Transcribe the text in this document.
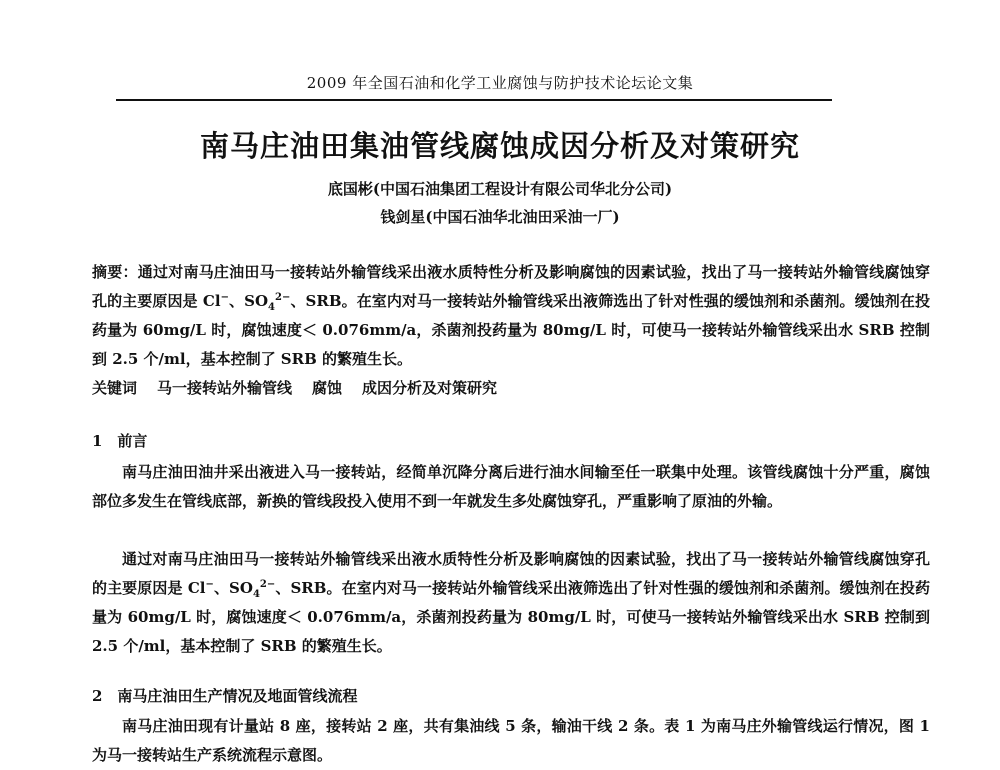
2009 年全国石油和化学工业腐蚀与防护技术论坛论文集
南马庄油田集油管线腐蚀成因分析及对策研究
底国彬(中国石油集团工程设计有限公司华北分公司)
钱剑星(中国石油华北油田采油一厂)
摘要：通过对南马庄油田马一接转站外输管线采出液水质特性分析及影响腐蚀的因素试验，找出了马一接转站外输管线腐蚀穿孔的主要原因是 Cl−、$SO_4^{2-}$、SRB。在室内对马一接转站外输管线采出液筛选出了针对性强的缓蚀剂和杀菌剂。缓蚀剂在投药量为 60mg/L 时，腐蚀速度＜ 0.076mm/a，杀菌剂投药量为 80mg/L 时，可使马一接转站外输管线采出水 SRB 控制到 2.5 个/ml，基本控制了 SRB 的繁殖生长。
关键词 马一接转站外输管线 腐蚀 成因分析及对策研究
1　前言
南马庄油田油井采出液进入马一接转站，经简单沉降分离后进行油水间输至任一联集中处理。该管线腐蚀十分严重，腐蚀部位多发生在管线底部，新换的管线段投入使用不到一年就发生多处腐蚀穿孔，严重影响了原油的外输。
通过对南马庄油田马一接转站外输管线采出液水质特性分析及影响腐蚀的因素试验，找出了马一接转站外输管线腐蚀穿孔的主要原因是 Cl−、$SO_4^{2-}$、SRB。在室内对马一接转站外输管线采出液筛选出了针对性强的缓蚀剂和杀菌剂。缓蚀剂在投药量为 60mg/L 时，腐蚀速度＜ 0.076mm/a，杀菌剂投药量为 80mg/L 时，可使马一接转站外输管线采出水 SRB 控制到 2.5 个/ml，基本控制了 SRB 的繁殖生长。
2　南马庄油田生产情况及地面管线流程
南马庄油田现有计量站 8 座，接转站 2 座，共有集油线 5 条，输油干线 2 条。表 1 为南马庄外输管线运行情况，图 1 为马一接转站生产系统流程示意图。
